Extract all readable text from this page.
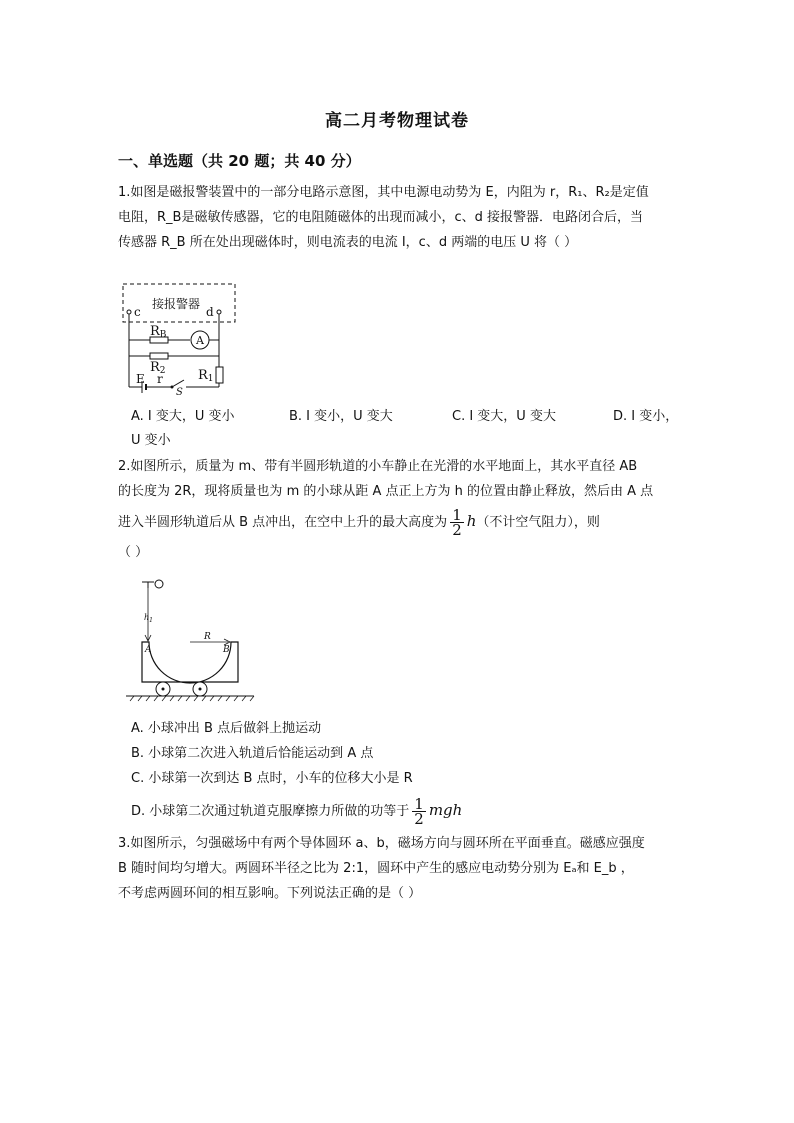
高二月考物理试卷
一、单选题（共 20 题；共 40 分）
1.如图是磁报警装置中的一部分电路示意图，其中电源电动势为 E，内阻为 r，R₁、R₂是定值
电阻，R_B是磁敏传感器，它的电阻随磁体的出现而减小，c、d 接报警器．电路闭合后，当
传感器 R_B 所在处出现磁体时，则电流表的电流 I，c、d 两端的电压 U 将（ ）
接报警器
c	d
RB	A
R2 R1
E r
S
A. I 变大，U 变小	B. I 变小，U 变大	C. I 变大，U 变大	D. I 变小，
U 变小
2.如图所示，质量为 m、带有半圆形轨道的小车静止在光滑的水平地面上，其水平直径 AB
的长度为 2R，现将质量也为 m 的小球从距 A 点正上方为 h 的位置由静止释放，然后由 A 点
进入半圆形轨道后从 B 点冲出，在空中上升的最大高度为 $\frac{1}{2} h$（不计空气阻力），则
（ ）
$h_1$
R
A	B
A. 小球冲出 B 点后做斜上抛运动
B. 小球第二次进入轨道后恰能运动到 A 点
C. 小球第一次到达 B 点时，小车的位移大小是 R
D. 小球第二次通过轨道克服摩擦力所做的功等于 $\frac{1}{2}$ mgh
3.如图所示，匀强磁场中有两个导体圆环 a、b，磁场方向与圆环所在平面垂直。磁感应强度
B 随时间均匀增大。两圆环半径之比为 2:1，圆环中产生的感应电动势分别为 Eₐ和 E_b ，
不考虑两圆环间的相互影响。下列说法正确的是（ ）
